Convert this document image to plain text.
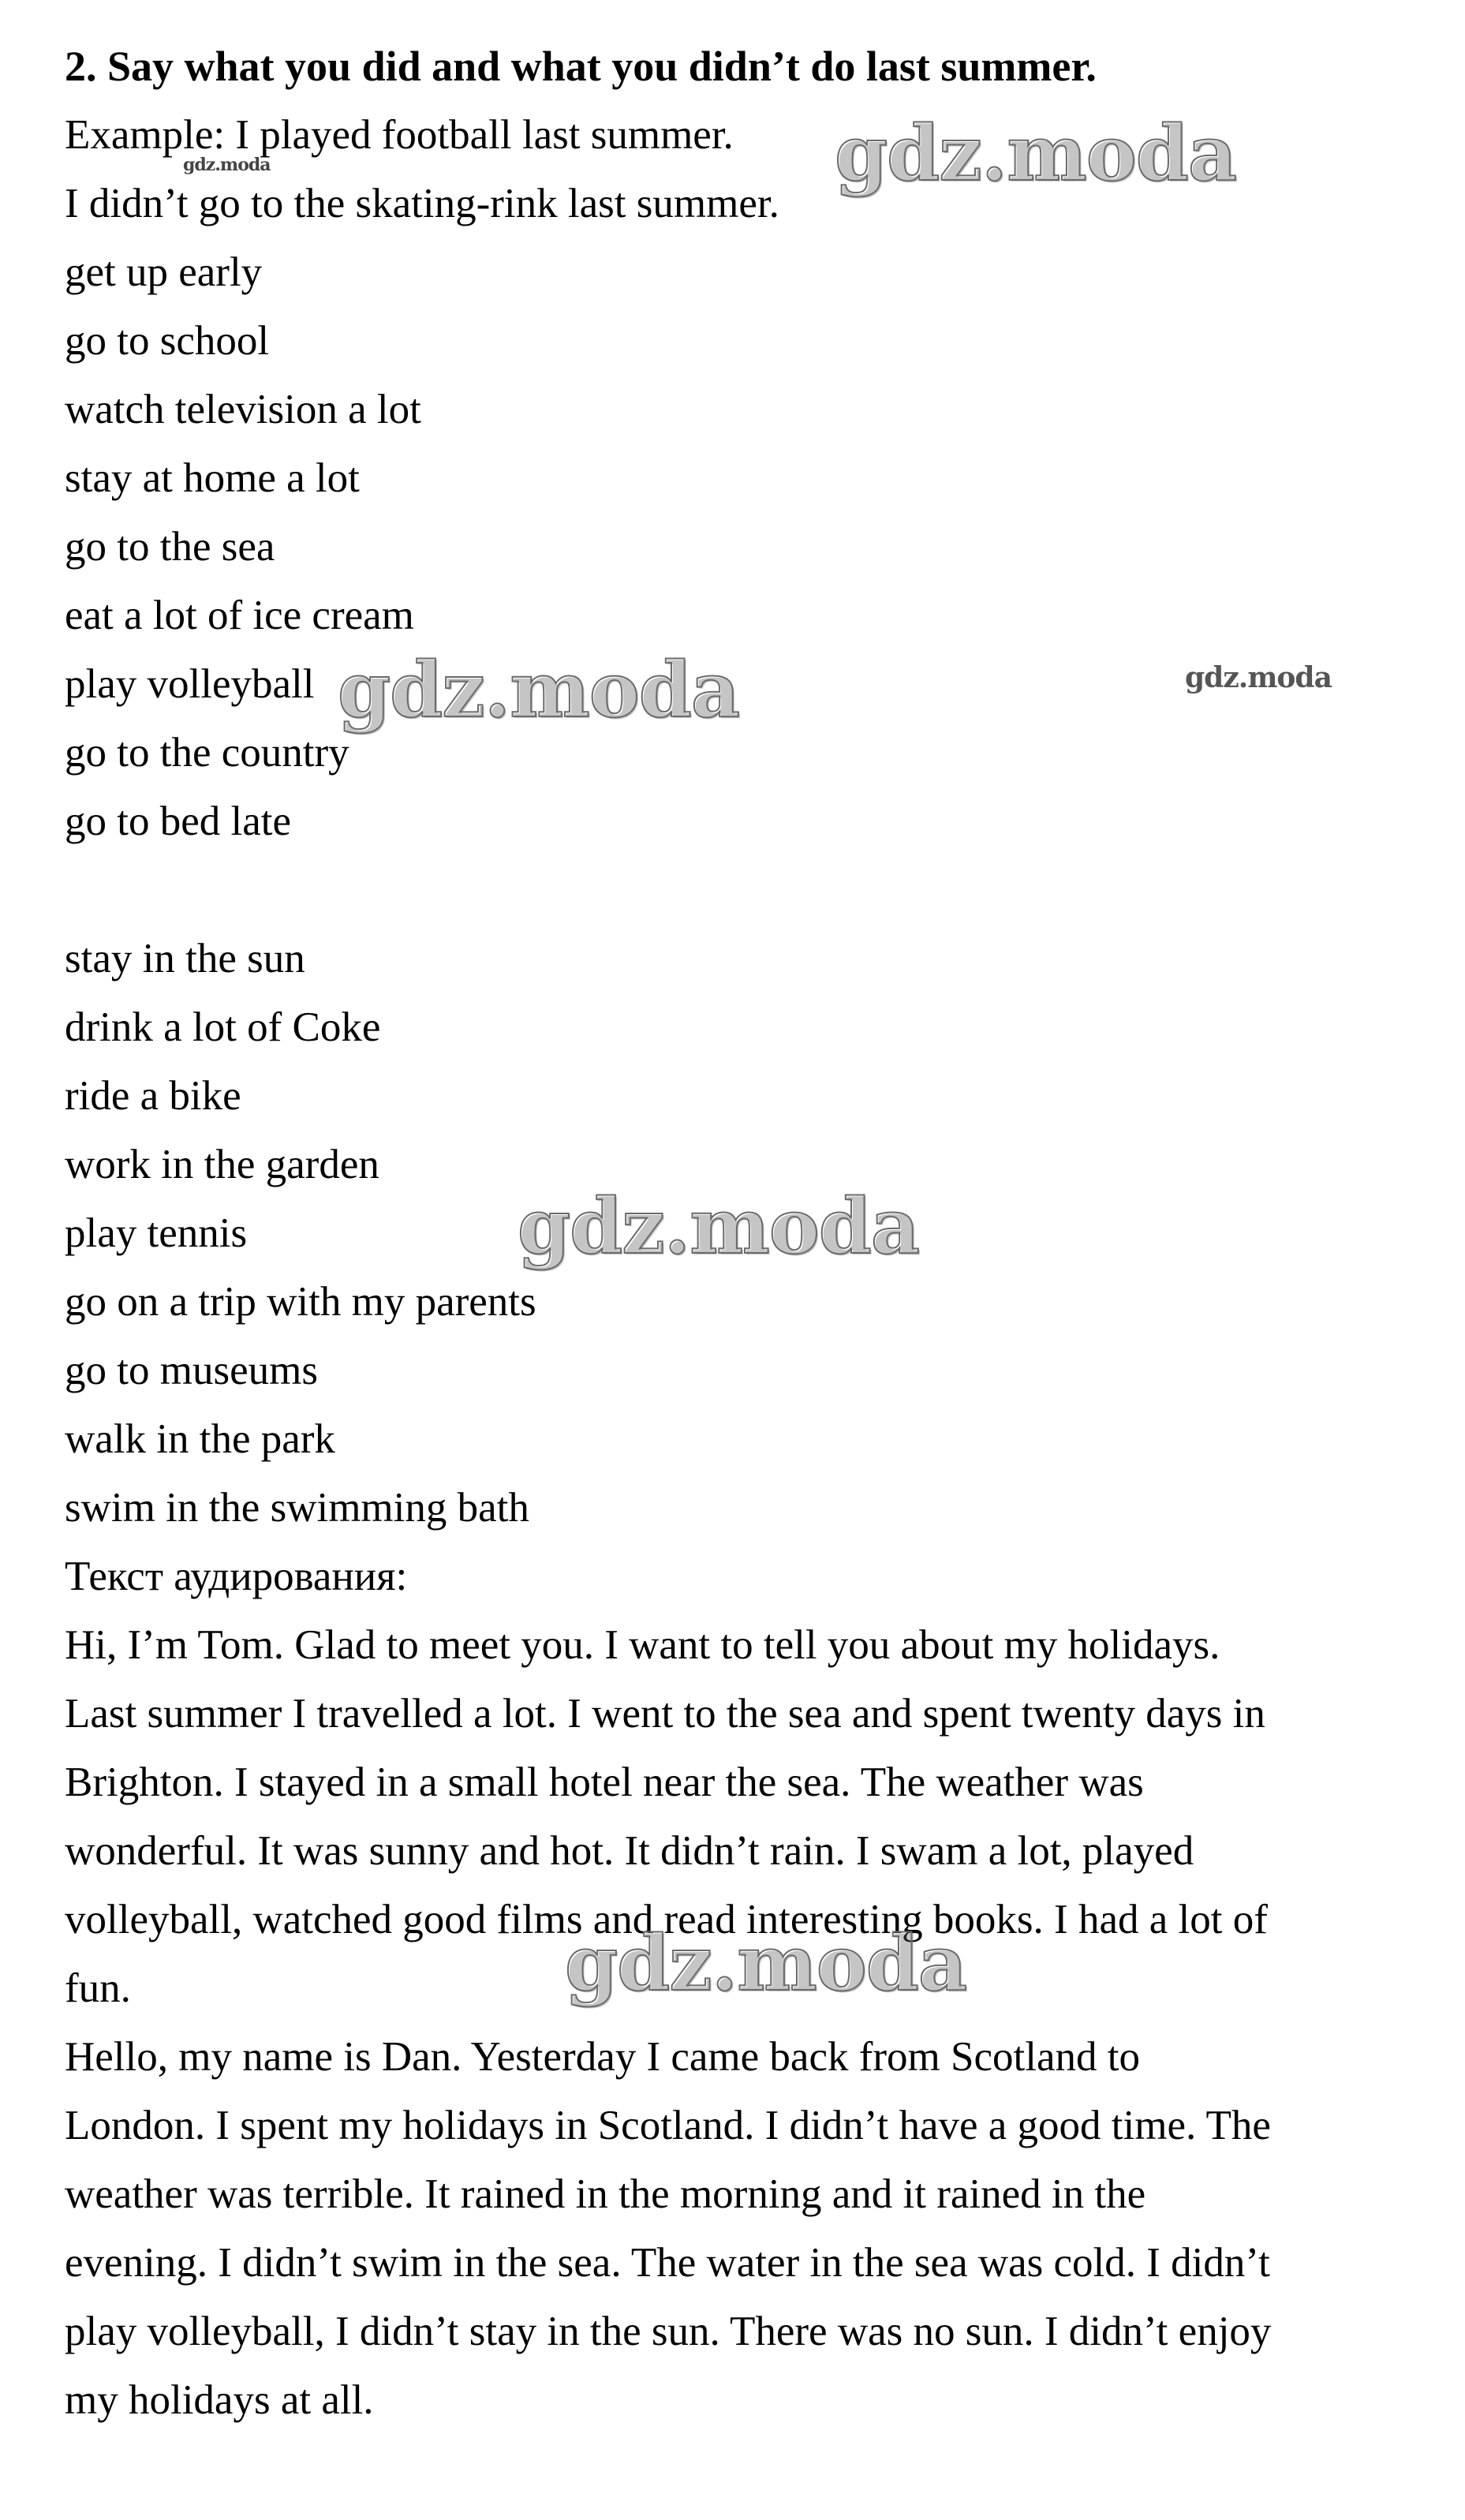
2. Say what you did and what you didn’t do last summer.

Example: I played football last summer.

I didn’t go to the skating-rink last summer.

get up early

go to school

watch television a lot

stay at home a lot

go to the sea

eat a lot of ice cream

play volleyball

go to the country

go to bed late

stay in the sun

drink a lot of Coke

ride a bike

work in the garden

play tennis

go on a trip with my parents

go to museums

walk in the park

swim in the swimming bath

Текст аудирования:

Hi, I’m Tom. Glad to meet you. I want to tell you about my holidays.

Last summer I travelled a lot. I went to the sea and spent twenty days in

Brighton. I stayed in a small hotel near the sea. The weather was

wonderful. It was sunny and hot. It didn’t rain. I swam a lot, played

volleyball, watched good films and read interesting books. I had a lot of

fun.

Hello, my name is Dan. Yesterday I came back from Scotland to

London. I spent my holidays in Scotland. I didn’t have a good time. The

weather was terrible. It rained in the morning and it rained in the

evening. I didn’t swim in the sea. The water in the sea was cold. I didn’t

play volleyball, I didn’t stay in the sun. There was no sun. I didn’t enjoy

my holidays at all.

gdz.moda
gdz.moda
gdz.moda	gdz.moda
gdz.moda
gdz.moda
